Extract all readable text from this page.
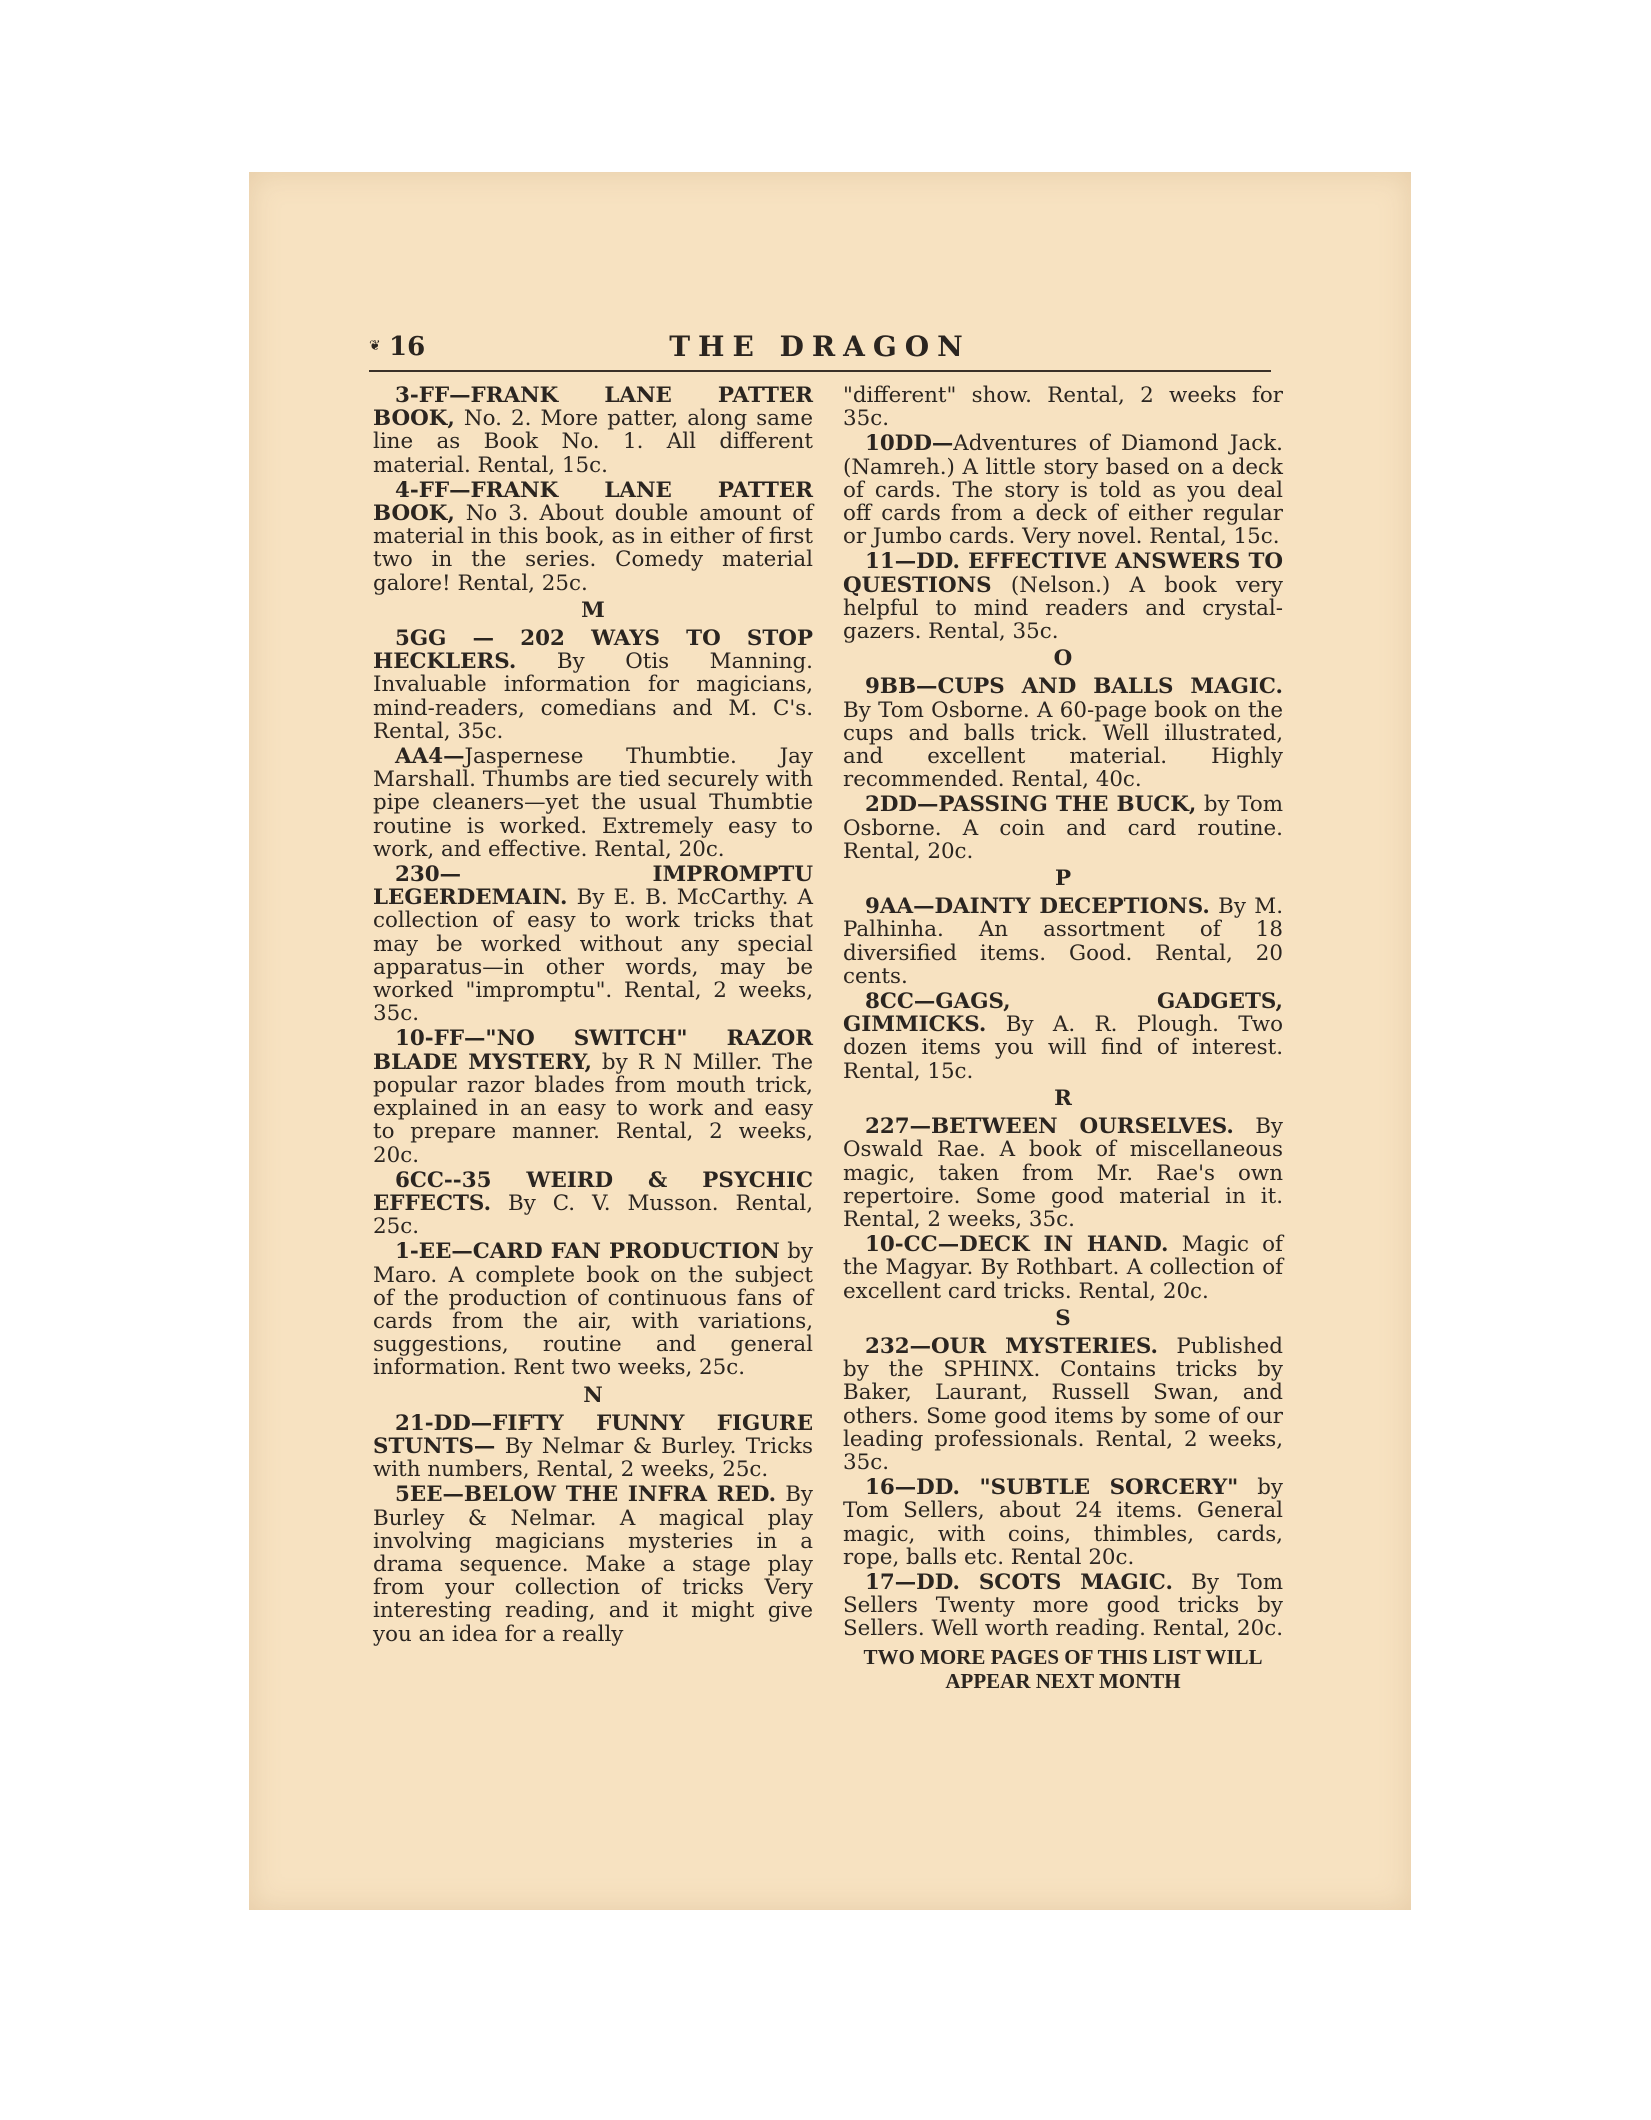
❦ 16	THE DRAGON

3-FF—FRANK LANE PATTER BOOK, No. 2. More patter, along same line as Book No. 1. All different material. Rental, 15c.

4-FF—FRANK LANE PATTER BOOK, No 3. About double amount of material in this book, as in either of first two in the series. Comedy material galore! Rental, 25c.

M

5GG — 202 WAYS TO STOP HECKLERS. By Otis Manning. Invaluable information for magicians, mind-readers, comedians and M. C's. Rental, 35c.

AA4—Jaspernese Thumbtie. Jay Marshall. Thumbs are tied securely with pipe cleaners—yet the usual Thumbtie routine is worked. Extremely easy to work, and effective. Rental, 20c.

230— IMPROMPTU LEGERDEMAIN. By E. B. McCarthy. A collection of easy to work tricks that may be worked without any special apparatus—in other words, may be worked "impromptu". Rental, 2 weeks, 35c.

10-FF—"NO SWITCH" RAZOR BLADE MYSTERY, by R N Miller. The popular razor blades from mouth trick, explained in an easy to work and easy to prepare manner. Rental, 2 weeks, 20c.

6CC--35 WEIRD & PSYCHIC EFFECTS. By C. V. Musson. Rental, 25c.

1-EE—CARD FAN PRODUCTION by Maro. A complete book on the subject of the production of continuous fans of cards from the air, with variations, suggestions, routine and general information. Rent two weeks, 25c.

N

21-DD—FIFTY FUNNY FIGURE STUNTS— By Nelmar & Burley. Tricks with numbers, Rental, 2 weeks, 25c.

5EE—BELOW THE INFRA RED. By Burley & Nelmar. A magical play involving magicians mysteries in a drama sequence. Make a stage play from your collection of tricks Very interesting reading, and it might give you an idea for a really

"different" show. Rental, 2 weeks for 35c.

10DD—Adventures of Diamond Jack. (Namreh.) A little story based on a deck of cards. The story is told as you deal off cards from a deck of either regular or Jumbo cards. Very novel. Rental, 15c.

11—DD. EFFECTIVE ANSWERS TO QUESTIONS (Nelson.) A book very helpful to mind readers and crystal-gazers. Rental, 35c.

O

9BB—CUPS AND BALLS MAGIC. By Tom Osborne. A 60-page book on the cups and balls trick. Well illustrated, and excellent material. Highly recommended. Rental, 40c.

2DD—PASSING THE BUCK, by Tom Osborne. A coin and card routine. Rental, 20c.

P

9AA—DAINTY DECEPTIONS. By M. Palhinha. An assortment of 18 diversified items. Good. Rental, 20 cents.

8CC—GAGS, GADGETS, GIMMICKS. By A. R. Plough. Two dozen items you will find of interest. Rental, 15c.

R

227—BETWEEN OURSELVES. By Oswald Rae. A book of miscellaneous magic, taken from Mr. Rae's own repertoire. Some good material in it. Rental, 2 weeks, 35c.

10-CC—DECK IN HAND. Magic of the Magyar. By Rothbart. A collection of excellent card tricks. Rental, 20c.

S

232—OUR MYSTERIES. Published by the SPHINX. Contains tricks by Baker, Laurant, Russell Swan, and others. Some good items by some of our leading professionals. Rental, 2 weeks, 35c.

16—DD. "SUBTLE SORCERY" by Tom Sellers, about 24 items. General magic, with coins, thimbles, cards, rope, balls etc. Rental 20c.

17—DD. SCOTS MAGIC. By Tom Sellers Twenty more good tricks by Sellers. Well worth reading. Rental, 20c.

TWO MORE PAGES OF THIS LIST WILL APPEAR NEXT MONTH
